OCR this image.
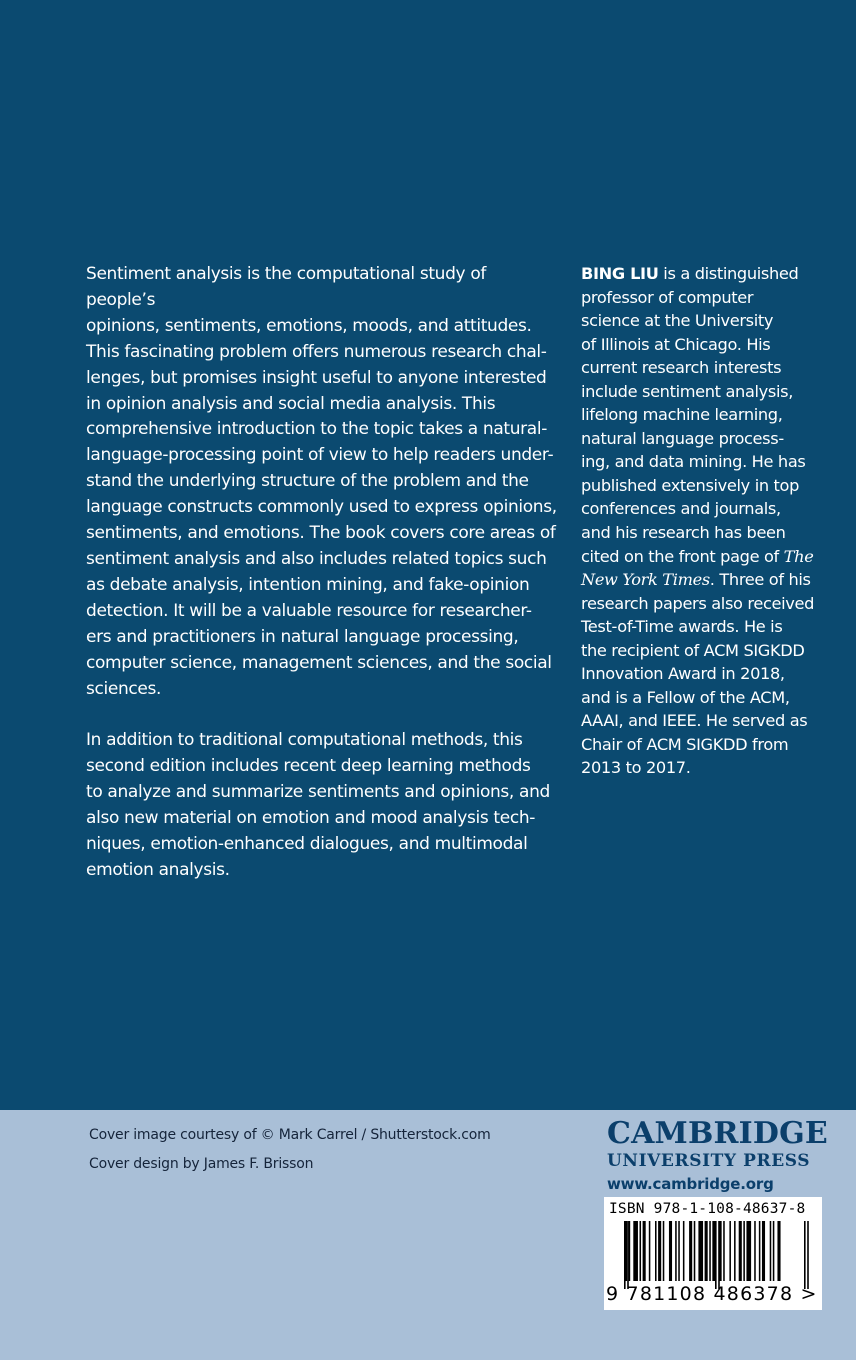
Sentiment analysis is the computational study of people’s
opinions, sentiments, emotions, moods, and attitudes.
This fascinating problem offers numerous research chal-
lenges, but promises insight useful to anyone interested
in opinion analysis and social media analysis. This
comprehensive introduction to the topic takes a natural-
language-processing point of view to help readers under-
stand the underlying structure of the problem and the
language constructs commonly used to express opinions,
sentiments, and emotions. The book covers core areas of
sentiment analysis and also includes related topics such
as debate analysis, intention mining, and fake-opinion
detection. It will be a valuable resource for researcher-
ers and practitioners in natural language processing,
computer science, management sciences, and the social
sciences.

In addition to traditional computational methods, this
second edition includes recent deep learning methods
to analyze and summarize sentiments and opinions, and
also new material on emotion and mood analysis tech-
niques, emotion-enhanced dialogues, and multimodal
emotion analysis.

BING LIU is a distinguished
professor of computer
science at the University
of Illinois at Chicago. His
current research interests
include sentiment analysis,
lifelong machine learning,
natural language process-
ing, and data mining. He has
published extensively in top
conferences and journals,
and his research has been
cited on the front page of The
New York Times. Three of his
research papers also received
Test-of-Time awards. He is
the recipient of ACM SIGKDD
Innovation Award in 2018,
and is a Fellow of the ACM,
AAAI, and IEEE. He served as
Chair of ACM SIGKDD from
2013 to 2017.
Cover image courtesy of © Mark Carrel / Shutterstock.com
Cover design by James F. Brisson
CAMBRIDGE
UNIVERSITY PRESS
www.cambridge.org
ISBN 978-1-108-48637-8
9 781108 486378 >
